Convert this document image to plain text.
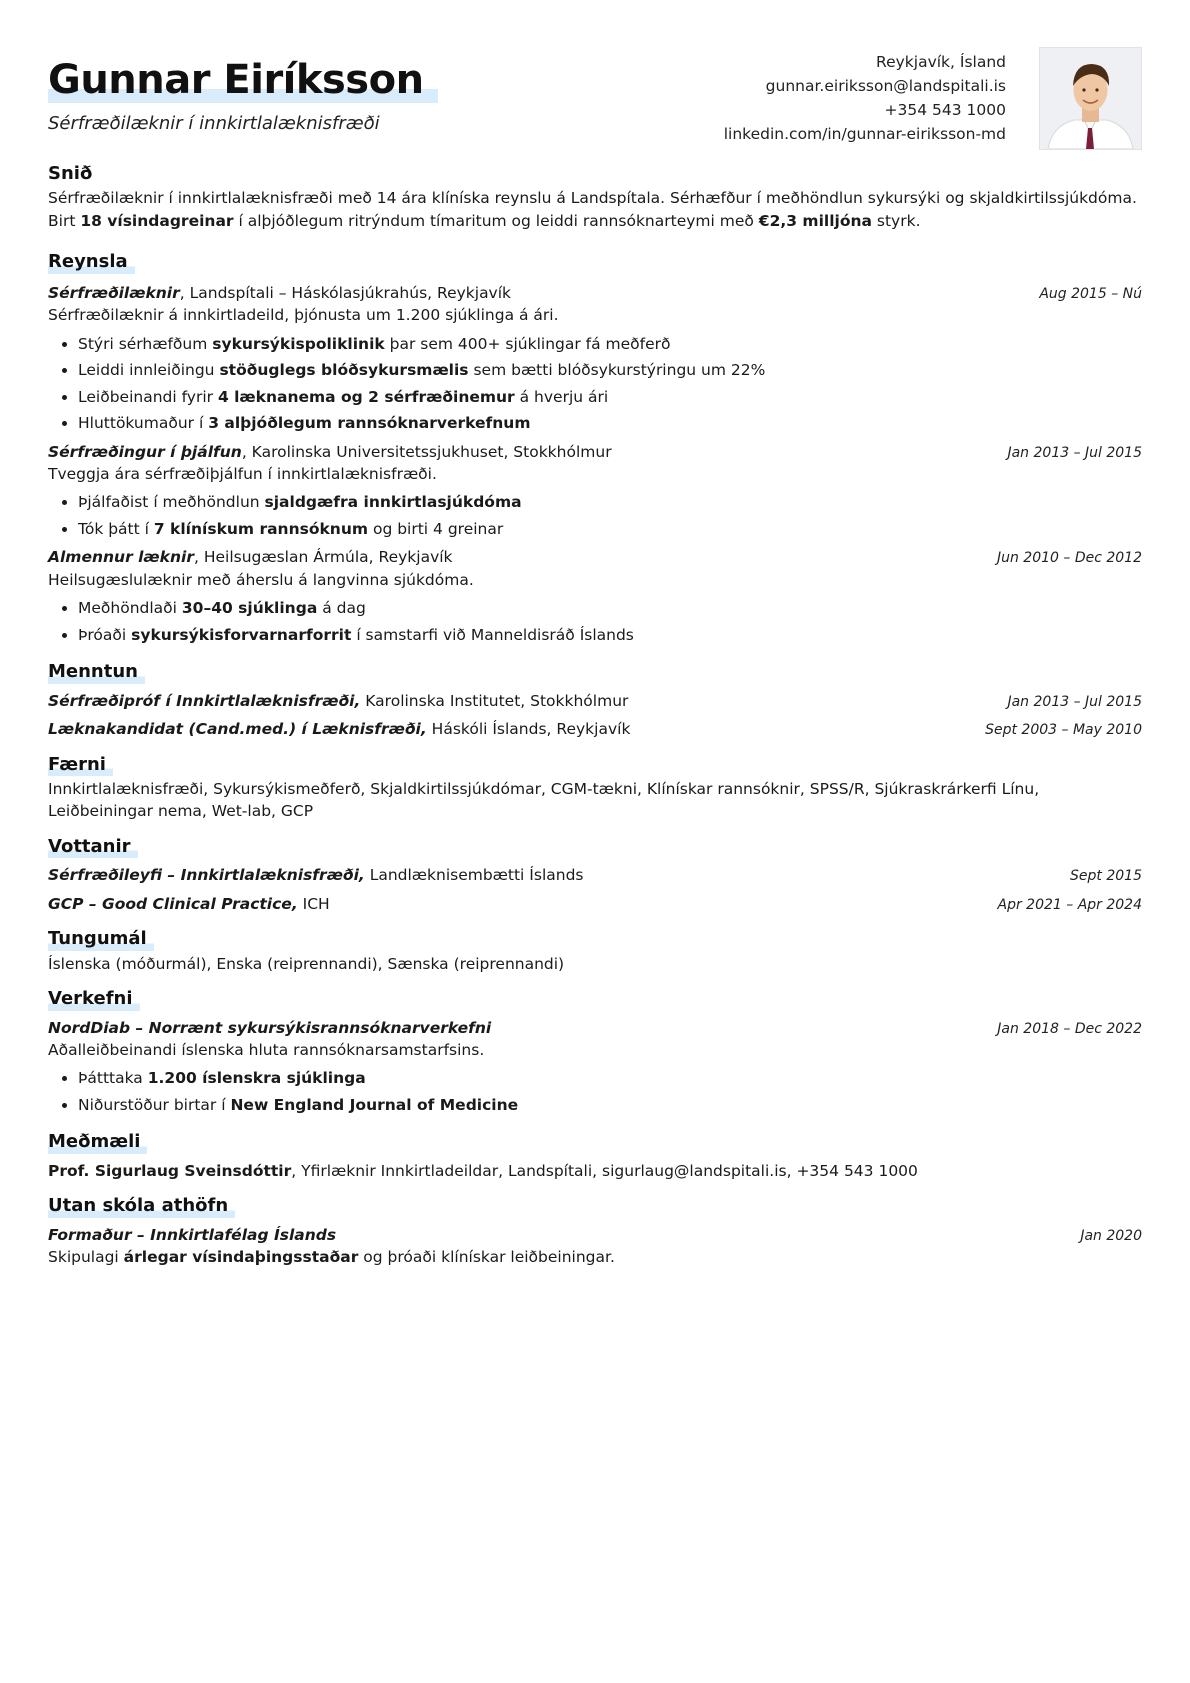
Gunnar Eiríksson
Sérfræðilæknir í innkirtlalæknisfræði
Reykjavík, Ísland
gunnar.eiriksson@landspitali.is
+354 543 1000
linkedin.com/in/gunnar-eiriksson-md
Snið

Sérfræðilæknir í innkirtlalæknisfræði með 14 ára klíníska reynslu á Landspítala. Sérhæfður í meðhöndlun sykursýki og skjaldkirtilssjúkdóma. Birt 18 vísindagreinar í alþjóðlegum ritrýndum tímaritum og leiddi rannsóknarteymi með €2,3 milljóna styrk.

Reynsla
Sérfræðilæknir, Landspítali – Háskólasjúkrahús, Reykjavík	Aug 2015 – Nú

Sérfræðilæknir á innkirtladeild, þjónusta um 1.200 sjúklinga á ári.

• Stýri sérhæfðum sykursýkispoliklinik þar sem 400+ sjúklingar fá meðferð
• Leiddi innleiðingu stöðuglegs blóðsykursmælis sem bætti blóðsykurstýringu um 22%
• Leiðbeinandi fyrir 4 læknanema og 2 sérfræðinemur á hverju ári
• Hluttökumaður í 3 alþjóðlegum rannsóknarverkefnum
Sérfræðingur í þjálfun, Karolinska Universitetssjukhuset, Stokkhólmur	Jan 2013 – Jul 2015

Tveggja ára sérfræðiþjálfun í innkirtlalæknisfræði.

• Þjálfaðist í meðhöndlun sjaldgæfra innkirtlasjúkdóma
• Tók þátt í 7 klínískum rannsóknum og birti 4 greinar
Almennur læknir, Heilsugæslan Ármúla, Reykjavík	Jun 2010 – Dec 2012

Heilsugæslulæknir með áherslu á langvinna sjúkdóma.

• Meðhöndlaði 30–40 sjúklinga á dag
• Þróaði sykursýkisforvarnarforrit í samstarfi við Manneldisráð Íslands
Menntun
Sérfræðipróf í Innkirtlalæknisfræði, Karolinska Institutet, Stokkhólmur	Jan 2013 – Jul 2015
Læknakandidat (Cand.med.) í Læknisfræði, Háskóli Íslands, Reykjavík	Sept 2003 – May 2010
Færni

Innkirtlalæknisfræði, Sykursýkismeðferð, Skjaldkirtilssjúkdómar, CGM-tækni, Klínískar rannsóknir, SPSS/R, Sjúkraskrárkerfi Línu, Leiðbeiningar nema, Wet-lab, GCP

Vottanir
Sérfræðileyfi – Innkirtlalæknisfræði, Landlæknisembætti Íslands	Sept 2015
GCP – Good Clinical Practice, ICH	Apr 2021 – Apr 2024
Tungumál

Íslenska (móðurmál), Enska (reiprennandi), Sænska (reiprennandi)

Verkefni
NordDiab – Norrænt sykursýkisrannsóknarverkefni	Jan 2018 – Dec 2022

Aðalleiðbeinandi íslenska hluta rannsóknarsamstarfsins.

• Þátttaka 1.200 íslenskra sjúklinga
• Niðurstöður birtar í New England Journal of Medicine
Meðmæli

Prof. Sigurlaug Sveinsdóttir, Yfirlæknir Innkirtladeildar, Landspítali, sigurlaug@landspitali.is, +354 543 1000

Utan skóla athöfn
Formaður – Innkirtlafélag Íslands	Jan 2020

Skipulagi árlegar vísindaþingsstaðar og þróaði klínískar leiðbeiningar.
